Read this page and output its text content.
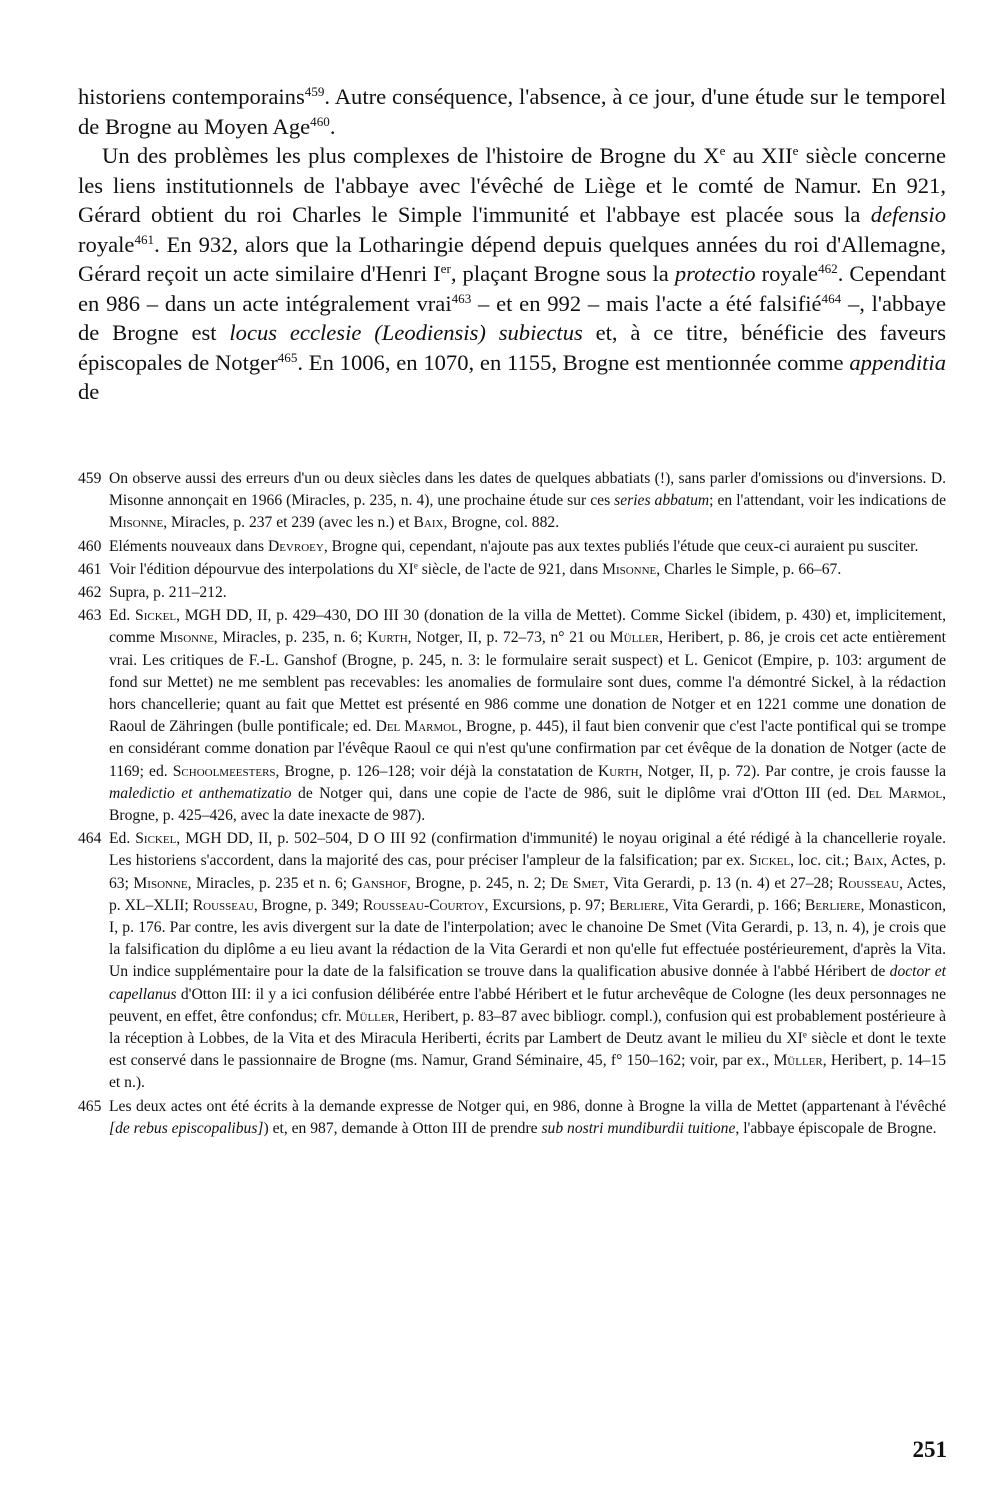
historiens contemporains$^{459}$. Autre conséquence, l'absence, à ce jour, d'une étude sur le temporel de Brogne au Moyen Age$^{460}$.

Un des problèmes les plus complexes de l'histoire de Brogne du Xe au XIIe siècle concerne les liens institutionnels de l'abbaye avec l'évêché de Liège et le comté de Namur. En 921, Gérard obtient du roi Charles le Simple l'immunité et l'abbaye est placée sous la defensio royale$^{461}$. En 932, alors que la Lotharingie dépend depuis quelques années du roi d'Allemagne, Gérard reçoit un acte similaire d'Henri Ier, plaçant Brogne sous la protectio royale$^{462}$. Cependant en 986 – dans un acte intégralement vrai$^{463}$ – et en 992 – mais l'acte a été falsifié$^{464}$ –, l'abbaye de Brogne est locus ecclesie (Leodiensis) subiectus et, à ce titre, bénéficie des faveurs épiscopales de Notger$^{465}$. En 1006, en 1070, en 1155, Brogne est mentionnée comme appenditia de

459 On observe aussi des erreurs d'un ou deux siècles dans les dates de quelques abbatiats (!), sans parler d'omissions ou d'inversions. D. Misonne annonçait en 1966 (Miracles, p. 235, n. 4), une prochaine étude sur ces series abbatum; en l'attendant, voir les indications de Misonne, Miracles, p. 237 et 239 (avec les n.) et Baix, Brogne, col. 882.
460 Eléments nouveaux dans Devroey, Brogne qui, cependant, n'ajoute pas aux textes publiés l'étude que ceux-ci auraient pu susciter.
461 Voir l'édition dépourvue des interpolations du XIe siècle, de l'acte de 921, dans Misonne, Charles le Simple, p. 66–67.
462 Supra, p. 211–212.
463 Ed. Sickel, MGH DD, II, p. 429–430, DO III 30 (donation de la villa de Mettet). Comme Sickel (ibidem, p. 430) et, implicitement, comme Misonne, Miracles, p. 235, n. 6; Kurth, Notger, II, p. 72–73, n° 21 ou Müller, Heribert, p. 86, je crois cet acte entièrement vrai. Les critiques de F.-L. Ganshof (Brogne, p. 245, n. 3: le formulaire serait suspect) et L. Genicot (Empire, p. 103: argument de fond sur Mettet) ne me semblent pas recevables: les anomalies de formulaire sont dues, comme l'a démontré Sickel, à la rédaction hors chancellerie; quant au fait que Mettet est présenté en 986 comme une donation de Notger et en 1221 comme une donation de Raoul de Zähringen (bulle pontificale; ed. Del Marmol, Brogne, p. 445), il faut bien convenir que c'est l'acte pontifical qui se trompe en considérant comme donation par l'évêque Raoul ce qui n'est qu'une confirmation par cet évêque de la donation de Notger (acte de 1169; ed. Schoolmeesters, Brogne, p. 126–128; voir déjà la constatation de Kurth, Notger, II, p. 72). Par contre, je crois fausse la maledictio et anthematizatio de Notger qui, dans une copie de l'acte de 986, suit le diplôme vrai d'Otton III (ed. Del Marmol, Brogne, p. 425–426, avec la date inexacte de 987).
464 Ed. Sickel, MGH DD, II, p. 502–504, D O III 92 (confirmation d'immunité) le noyau original a été rédigé à la chancellerie royale. Les historiens s'accordent, dans la majorité des cas, pour préciser l'ampleur de la falsification; par ex. Sickel, loc. cit.; Baix, Actes, p. 63; Misonne, Miracles, p. 235 et n. 6; Ganshof, Brogne, p. 245, n. 2; De Smet, Vita Gerardi, p. 13 (n. 4) et 27–28; Rousseau, Actes, p. XL–XLII; Rousseau, Brogne, p. 349; Rousseau-Courtoy, Excursions, p. 97; Berliere, Vita Gerardi, p. 166; Berliere, Monasticon, I, p. 176. Par contre, les avis divergent sur la date de l'interpolation; avec le chanoine De Smet (Vita Gerardi, p. 13, n. 4), je crois que la falsification du diplôme a eu lieu avant la rédaction de la Vita Gerardi et non qu'elle fut effectuée postérieurement, d'après la Vita. Un indice supplémentaire pour la date de la falsification se trouve dans la qualification abusive donnée à l'abbé Héribert de doctor et capellanus d'Otton III: il y a ici confusion délibérée entre l'abbé Héribert et le futur archevêque de Cologne (les deux personnages ne peuvent, en effet, être confondus; cfr. Müller, Heribert, p. 83–87 avec bibliogr. compl.), confusion qui est probablement postérieure à la réception à Lobbes, de la Vita et des Miracula Heriberti, écrits par Lambert de Deutz avant le milieu du XIe siècle et dont le texte est conservé dans le passionnaire de Brogne (ms. Namur, Grand Séminaire, 45, f° 150–162; voir, par ex., Müller, Heribert, p. 14–15 et n.).
465 Les deux actes ont été écrits à la demande expresse de Notger qui, en 986, donne à Brogne la villa de Mettet (appartenant à l'évêché [de rebus episcopalibus]) et, en 987, demande à Otton III de prendre sub nostri mundiburdii tuitione, l'abbaye épiscopale de Brogne.
251
